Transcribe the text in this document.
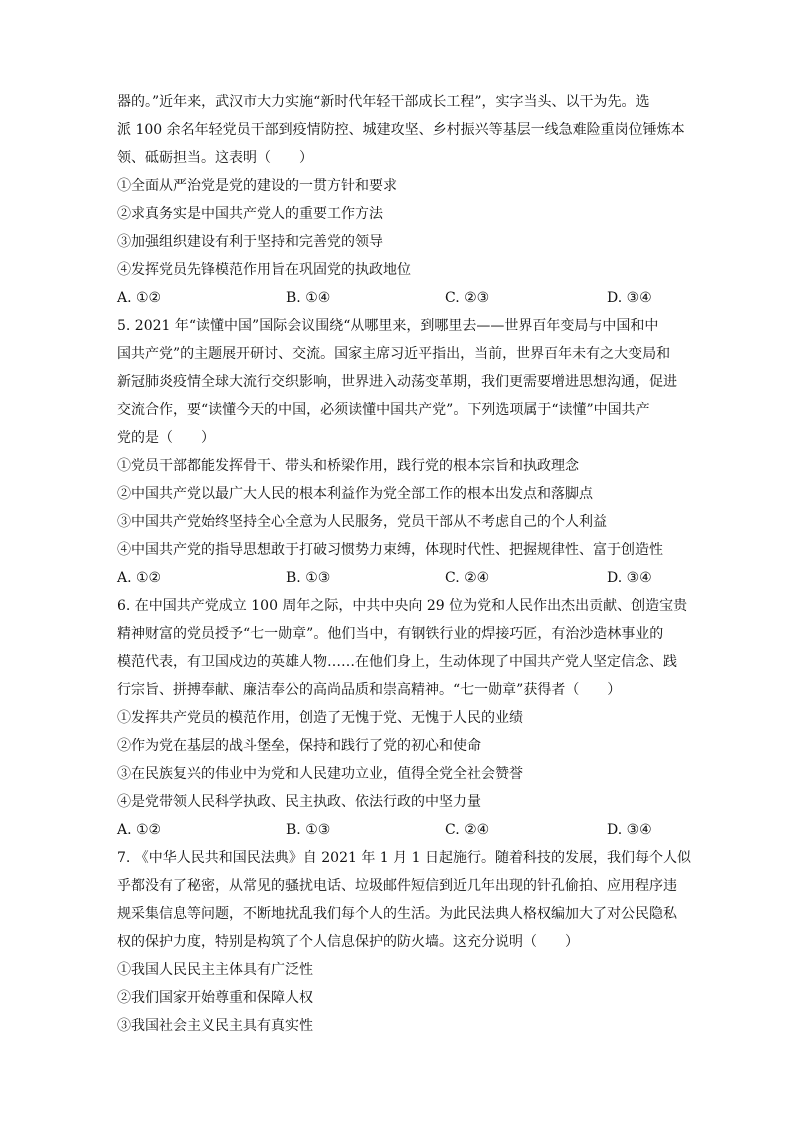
器的。”近年来，武汉市大力实施“新时代年轻干部成长工程”，实字当头、以干为先。选

派 100 余名年轻党员干部到疫情防控、城建攻坚、乡村振兴等基层一线急难险重岗位锤炼本

领、砥砺担当。这表明（　　）

①全面从严治党是党的建设的一贯方针和要求

②求真务实是中国共产党人的重要工作方法

③加强组织建设有利于坚持和完善党的领导

④发挥党员先锋模范作用旨在巩固党的执政地位

A. ①②	B. ①④	C. ②③	D. ③④

5. 2021 年“读懂中国”国际会议围绕“从哪里来，到哪里去——世界百年变局与中国和中

国共产党”的主题展开研讨、交流。国家主席习近平指出，当前，世界百年未有之大变局和

新冠肺炎疫情全球大流行交织影响，世界进入动荡变革期，我们更需要增进思想沟通，促进

交流合作，要“读懂今天的中国，必须读懂中国共产党”。下列选项属于“读懂”中国共产

党的是（　　）

①党员干部都能发挥骨干、带头和桥梁作用，践行党的根本宗旨和执政理念

②中国共产党以最广大人民的根本利益作为党全部工作的根本出发点和落脚点

③中国共产党始终坚持全心全意为人民服务，党员干部从不考虑自己的个人利益

④中国共产党的指导思想敢于打破习惯势力束缚，体现时代性、把握规律性、富于创造性

A. ①②	B. ①③	C. ②④	D. ③④

6. 在中国共产党成立 100 周年之际，中共中央向 29 位为党和人民作出杰出贡献、创造宝贵

精神财富的党员授予“七一勋章”。他们当中，有钢铁行业的焊接巧匠，有治沙造林事业的

模范代表，有卫国戍边的英雄人物……在他们身上，生动体现了中国共产党人坚定信念、践

行宗旨、拼搏奉献、廉洁奉公的高尚品质和崇高精神。“七一勋章”获得者（　　）

①发挥共产党员的模范作用，创造了无愧于党、无愧于人民的业绩

②作为党在基层的战斗堡垒，保持和践行了党的初心和使命

③在民族复兴的伟业中为党和人民建功立业，值得全党全社会赞誉

④是党带领人民科学执政、民主执政、依法行政的中坚力量

A. ①②	B. ①③	C. ②④	D. ③④

7. 《中华人民共和国民法典》自 2021 年 1 月 1 日起施行。随着科技的发展，我们每个人似

乎都没有了秘密，从常见的骚扰电话、垃圾邮件短信到近几年出现的针孔偷拍、应用程序违

规采集信息等问题，不断地扰乱我们每个人的生活。为此民法典人格权编加大了对公民隐私

权的保护力度，特别是构筑了个人信息保护的防火墙。这充分说明（　　）

①我国人民民主主体具有广泛性

②我们国家开始尊重和保障人权

③我国社会主义民主具有真实性
